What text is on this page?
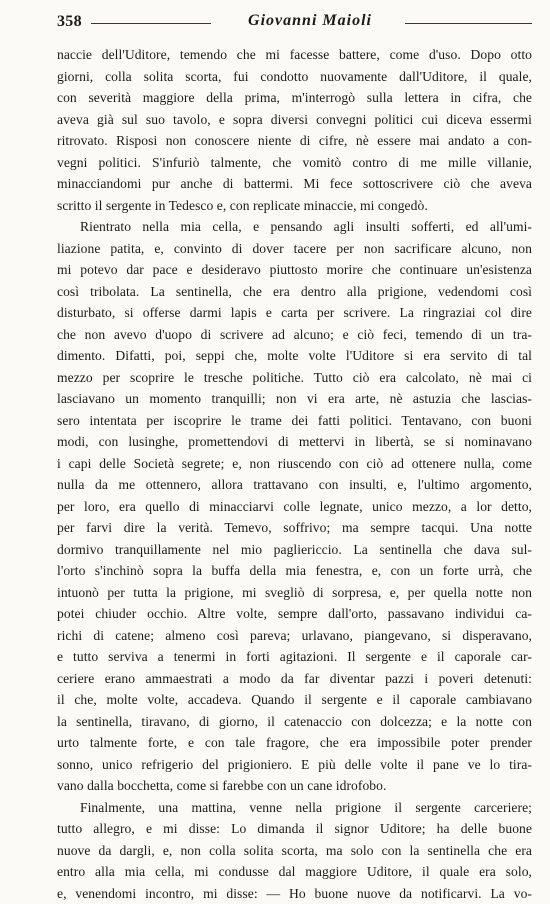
358	Giovanni Maioli
naccie dell'Uditore, temendo che mi facesse battere, come d'uso. Dopo otto
giorni, colla solita scorta, fui condotto nuovamente dall'Uditore, il quale,
con severità maggiore della prima, m'interrogò sulla lettera in cifra, che
aveva già sul suo tavolo, e sopra diversi convegni politici cui diceva essermi
ritrovato. Risposi non conoscere niente di cifre, nè essere mai andato a con-
vegni politici. S'infuriò talmente, che vomitò contro di me mille villanie,
minacciandomi pur anche di battermi. Mi fece sottoscrivere ciò che aveva
scritto il sergente in Tedesco e, con replicate minaccie, mi congedò.
Rientrato nella mia cella, e pensando agli insulti sofferti, ed all'umi-
liazione patita, e, convinto di dover tacere per non sacrificare alcuno, non
mi potevo dar pace e desideravo piuttosto morire che continuare un'esistenza
così tribolata. La sentinella, che era dentro alla prigione, vedendomi così
disturbato, si offerse darmi lapis e carta per scrivere. La ringraziai col dire
che non avevo d'uopo di scrivere ad alcuno; e ciò feci, temendo di un tra-
dimento. Difatti, poi, seppi che, molte volte l'Uditore si era servito di tal
mezzo per scoprire le tresche politiche. Tutto ciò era calcolato, nè mai ci
lasciavano un momento tranquilli; non vi era arte, nè astuzia che lascias-
sero intentata per iscoprire le trame dei fatti politici. Tentavano, con buoni
modi, con lusinghe, promettendovi di mettervi in libertà, se si nominavano
i capi delle Società segrete; e, non riuscendo con ciò ad ottenere nulla, come
nulla da me ottennero, allora trattavano con insulti, e, l'ultimo argomento,
per loro, era quello di minacciarvi colle legnate, unico mezzo, a lor detto,
per farvi dire la verità. Temevo, soffrivo; ma sempre tacqui. Una notte
dormivo tranquillamente nel mio pagliericcio. La sentinella che dava sul-
l'orto s'inchinò sopra la buffa della mia fenestra, e, con un forte urrà, che
intuonò per tutta la prigione, mi svegliò di sorpresa, e, per quella notte non
potei chiuder occhio. Altre volte, sempre dall'orto, passavano individui ca-
richi di catene; almeno così pareva; urlavano, piangevano, si disperavano,
e tutto serviva a tenermi in forti agitazioni. Il sergente e il caporale car-
ceriere erano ammaestrati a modo da far diventar pazzi i poveri detenuti:
il che, molte volte, accadeva. Quando il sergente e il caporale cambiavano
la sentinella, tiravano, di giorno, il catenaccio con dolcezza; e la notte con
urto talmente forte, e con tale fragore, che era impossibile poter prender
sonno, unico refrigerio del prigioniero. E più delle volte il pane ve lo tira-
vano dalla bocchetta, come si farebbe con un cane idrofobo.
Finalmente, una mattina, venne nella prigione il sergente carceriere;
tutto allegro, e mi disse: Lo dimanda il signor Uditore; ha delle buone
nuove da dargli, e, non colla solita scorta, ma solo con la sentinella che era
entro alla mia cella, mi condusse dal maggiore Uditore, il quale era solo,
e, venendomi incontro, mi disse: — Ho buone nuove da notificarvi. La vo-
